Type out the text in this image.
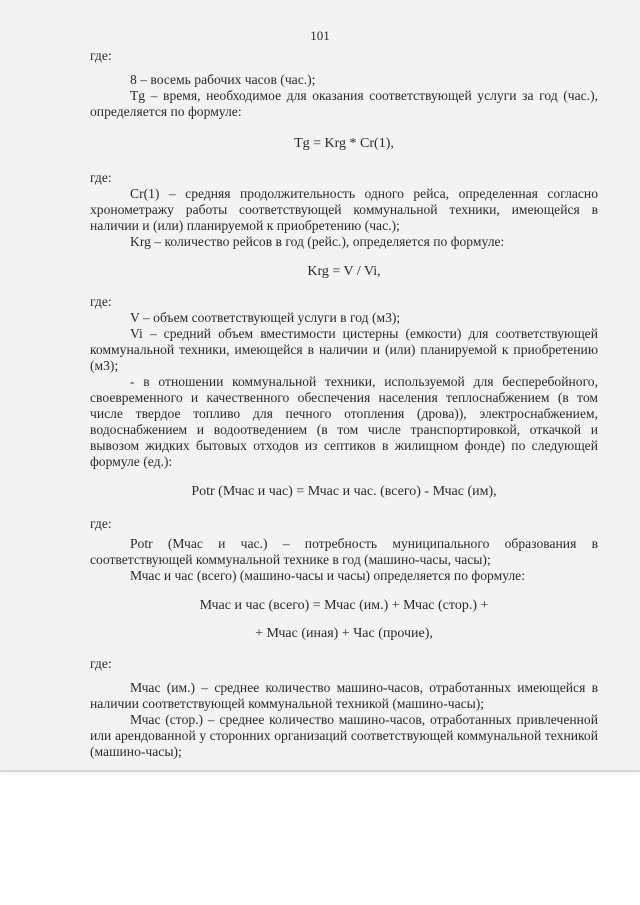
101

где:

8 – восемь рабочих часов (час.);

Tg – время, необходимое для оказания соответствующей услуги за год (час.), определяется по формуле:

Tg = Krg * Cr(1),

где:

Cr(1) – средняя продолжительность одного рейса, определенная согласно хронометражу работы соответствующей коммунальной техники, имеющейся в наличии и (или) планируемой к приобретению (час.);

Krg – количество рейсов в год (рейс.), определяется по формуле:

Krg = V / Vi,

где:

V – объем соответствующей услуги в год (м3);

Vi – средний объем вместимости цистерны (емкости) для соответствующей коммунальной техники, имеющейся в наличии и (или) планируемой к приобретению (м3);

- в отношении коммунальной техники, используемой для бесперебойного, своевременного и качественного обеспечения населения теплоснабжением (в том числе твердое топливо для печного отопления (дрова)), электроснабжением, водоснабжением и водоотведением (в том числе транспортировкой, откачкой и вывозом жидких бытовых отходов из септиков в жилищном фонде) по следующей формуле (ед.):

Potr (Мчас и час) = Мчас и час. (всего) - Мчас (им),

где:

Potr (Мчас и час.) – потребность муниципального образования в соответствующей коммунальной технике в год (машино-часы, часы);

Мчас и час (всего) (машино-часы и часы) определяется по формуле:

Мчас и час (всего) = Мчас (им.) + Мчас (стор.) +

+ Мчас (иная) + Час (прочие),

где:

Мчас (им.) – среднее количество машино-часов, отработанных имеющейся в наличии соответствующей коммунальной техникой (машино-часы);

Мчас (стор.) – среднее количество машино-часов, отработанных привлеченной или арендованной у сторонних организаций соответствующей коммунальной техникой (машино-часы);
